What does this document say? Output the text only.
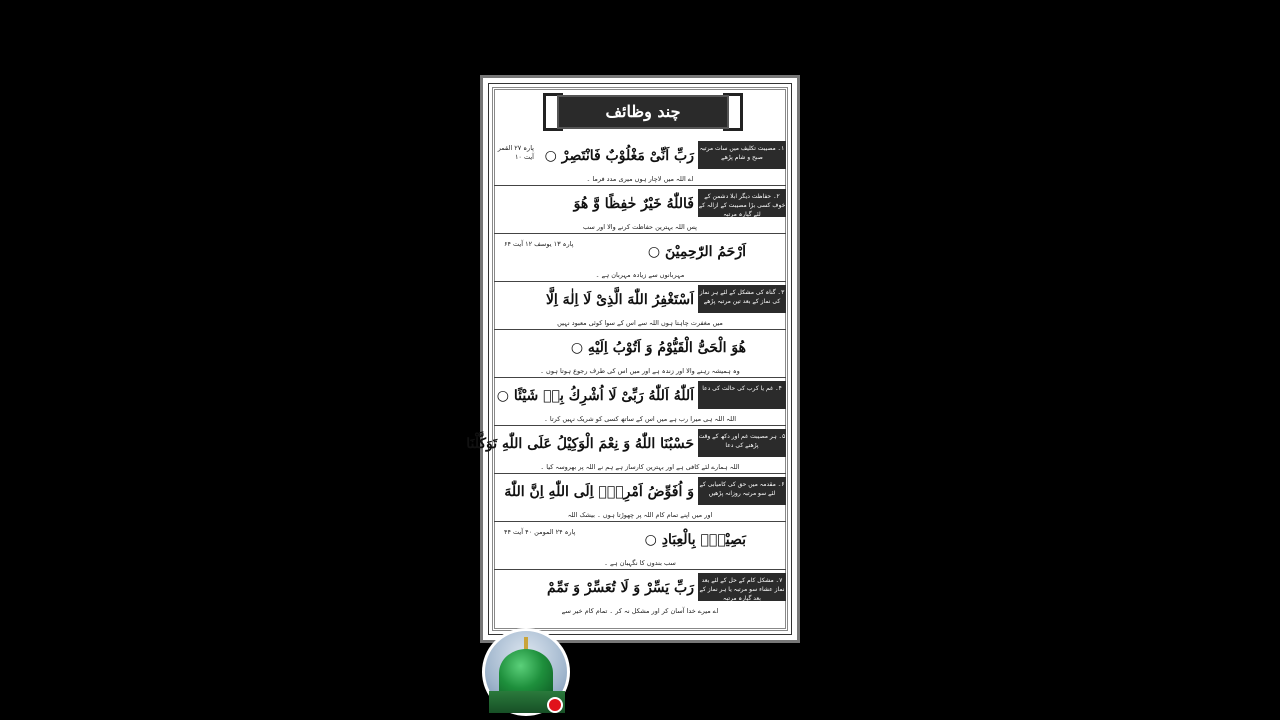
چند وظائف
۱۔ مصیبت تکلیف میں سات مرتبہ صبح و شام پڑھے
رَبِّ اَنِّیْ مَغْلُوْبٌ فَانْتَصِرْ ○
پارہ ۲۷ القمر آیت ۱۰
اے اللہ میں لاچار ہوں میری مدد فرما ۔
۲۔ حفاظت دیگر ابلا دشمن کے خوف کسی بڑا مصیبت کے ازالہ کے لئے گیارہ مرتبہ
فَاللّٰهُ خَيْرٌ حٰفِظًا وَّ هُوَ
پس اللہ بہترین حفاظت کرنے والا اور سب
اَرْحَمُ الرّٰحِمِیْنَ ○
پارہ ۱۳ یوسف ۱۲ آیت ۶۴
مہربانوں سے زیادہ مہربان ہے ۔
۳۔ گناہ کی مشکل کے لئے ہر نماز کی نماز کے بعد تین مرتبہ پڑھے
اَسْتَغْفِرُ اللّٰهَ الَّذِیْ لَا اِلٰهَ اِلَّا
میں مغفرت چاہتا ہوں اللہ سے اس کے سوا کوئی معبود نہیں
هُوَ الْحَیُّ الْقَیُّوْمُ وَ اَتُوْبُ اِلَیْهِ ○
وہ ہمیشہ رہنے والا اور زندہ ہے اور میں اس کی طرف رجوع ہوتا ہوں ۔
۴۔ غم یا کرب کی حالت کی دعا
اَللّٰهُ اَللّٰهُ رَبِّیْ لَا اُشْرِكُ بِهٖ شَیْئًا ○
اللہ اللہ ہی میرا رب ہے میں اس کے ساتھ کسی کو شریک نہیں کرتا ۔
۵۔ ہر مصیبت غم اور دکھ کے وقت پڑھنے کی دعا
حَسْبُنَا اللّٰهُ وَ نِعْمَ الْوَكِیْلُ عَلَی اللّٰهِ تَوَكَّلْنَا
اللہ ہمارے لئے کافی ہے اور بہترین کارساز ہے ہم نے اللہ پر بھروسہ کیا ۔
۶۔ مقدمہ میں حق کی کامیابی کے لئے سو مرتبہ روزانہ پڑھیں
وَ اُفَوِّضُ اَمْرِیْۤ اِلَی اللّٰهِ اِنَّ اللّٰهَ
اور میں اپنے تمام کام اللہ پر چھوڑتا ہوں ۔ بیشک اللہ
بَصِیْرٌۢ بِالْعِبَادِ ○
پارہ ۲۴ المومن ۴۰ آیت ۴۴
سب بندوں کا نگہبان ہے ۔
۷۔ مشکل کام کے حل کے لئے بعد نماز عشاء سو مرتبہ یا ہر نماز کے بعد گیارہ مرتبہ
رَبِّ یَسِّرْ وَ لَا تُعَسِّرْ وَ تَمِّمْ
اے میرے خدا آسان کر اور مشکل نہ کر ۔ تمام کام خیر سے
